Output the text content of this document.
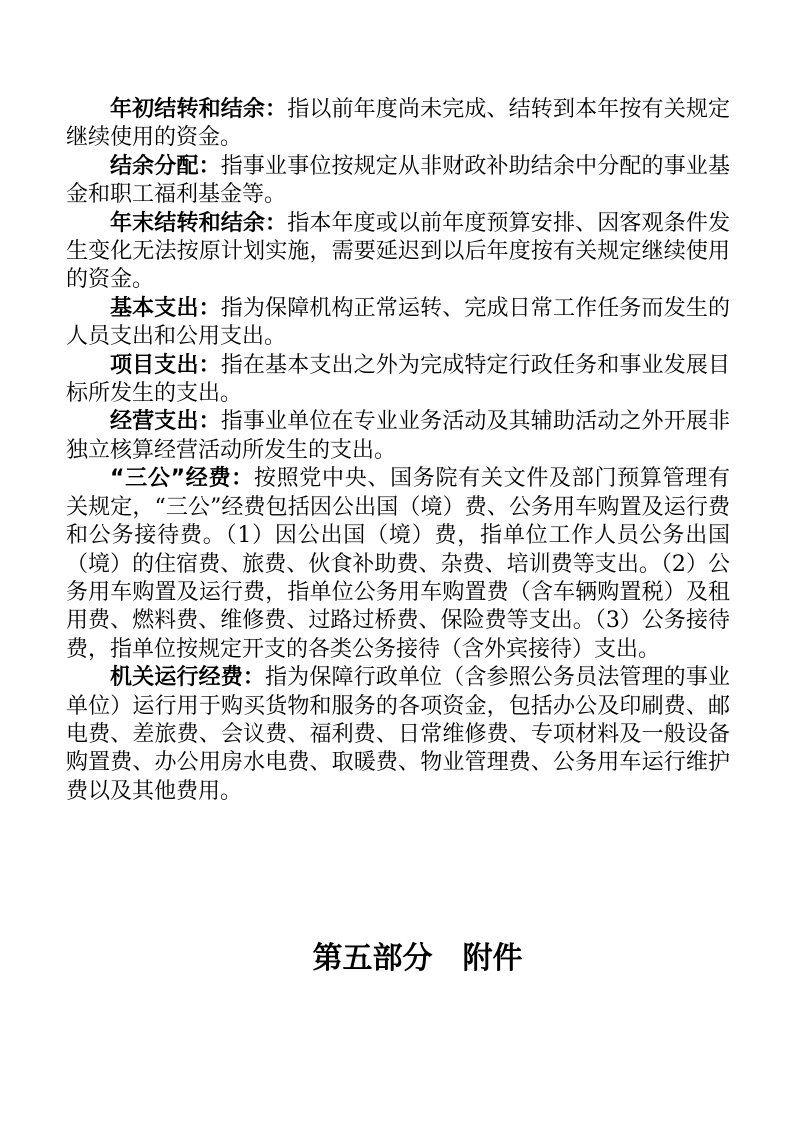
年初结转和结余：指以前年度尚未完成、结转到本年按有关规定继续使用的资金。

结余分配：指事业事位按规定从非财政补助结余中分配的事业基金和职工福利基金等。

年末结转和结余：指本年度或以前年度预算安排、因客观条件发生变化无法按原计划实施，需要延迟到以后年度按有关规定继续使用的资金。

基本支出：指为保障机构正常运转、完成日常工作任务而发生的人员支出和公用支出。

项目支出：指在基本支出之外为完成特定行政任务和事业发展目标所发生的支出。

经营支出：指事业单位在专业业务活动及其辅助活动之外开展非独立核算经营活动所发生的支出。

“三公”经费：按照党中央、国务院有关文件及部门预算管理有关规定，“三公”经费包括因公出国（境）费、公务用车购置及运行费和公务接待费。（1）因公出国（境）费，指单位工作人员公务出国（境）的住宿费、旅费、伙食补助费、杂费、培训费等支出。（2）公务用车购置及运行费，指单位公务用车购置费（含车辆购置税）及租用费、燃料费、维修费、过路过桥费、保险费等支出。（3）公务接待费，指单位按规定开支的各类公务接待（含外宾接待）支出。

机关运行经费：指为保障行政单位（含参照公务员法管理的事业单位）运行用于购买货物和服务的各项资金，包括办公及印刷费、邮电费、差旅费、会议费、福利费、日常维修费、专项材料及一般设备购置费、办公用房水电费、取暖费、物业管理费、公务用车运行维护费以及其他费用。

第五部分　附件
